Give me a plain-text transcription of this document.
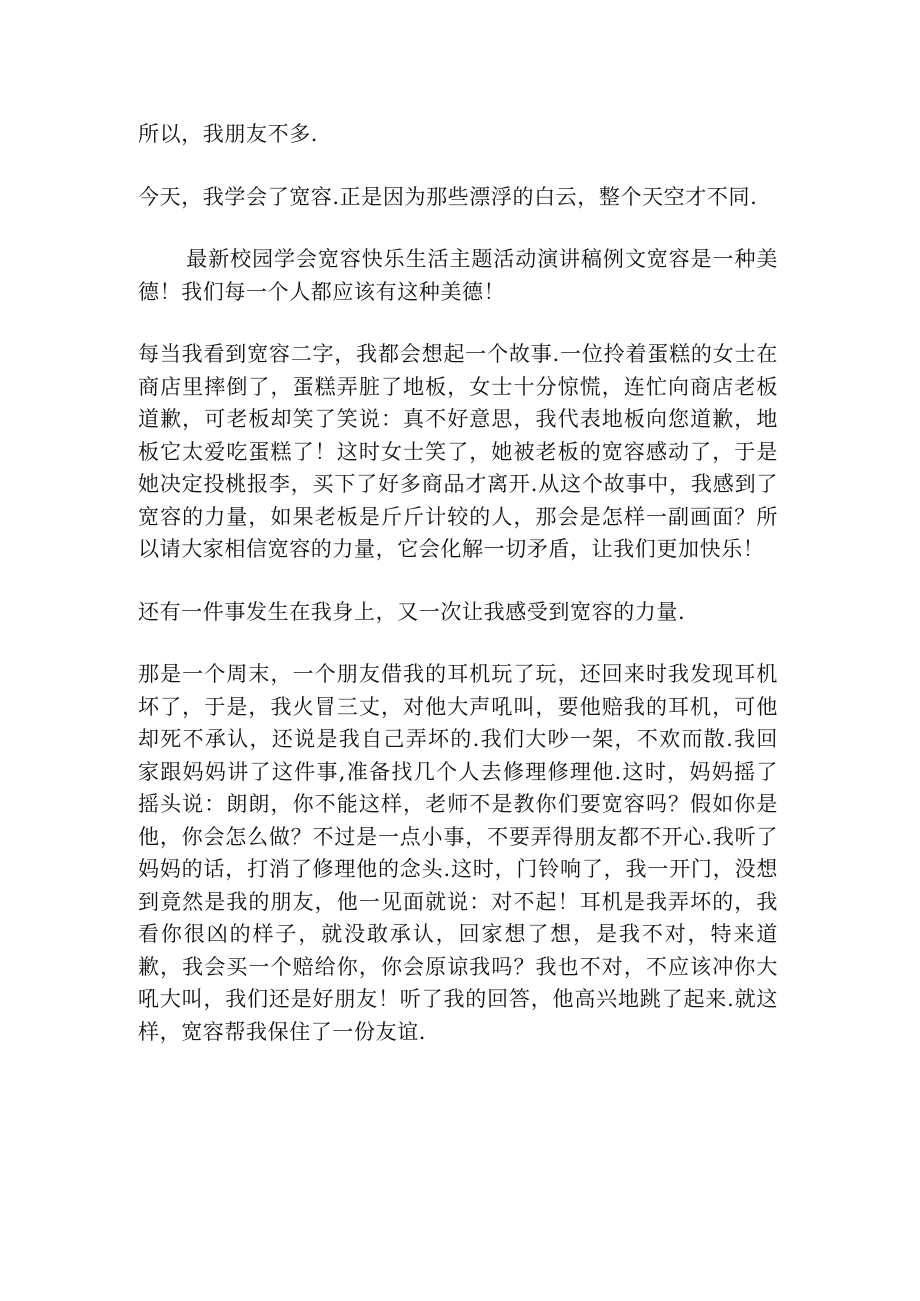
所以，我朋友不多.

今天，我学会了宽容.正是因为那些漂浮的白云，整个天空才不同.

最新校园学会宽容快乐生活主题活动演讲稿例文宽容是一种美德！我们每一个人都应该有这种美德！

每当我看到宽容二字，我都会想起一个故事.一位拎着蛋糕的女士在商店里摔倒了，蛋糕弄脏了地板，女士十分惊慌，连忙向商店老板道歉，可老板却笑了笑说：真不好意思，我代表地板向您道歉，地板它太爱吃蛋糕了！这时女士笑了，她被老板的宽容感动了，于是她决定投桃报李，买下了好多商品才离开.从这个故事中，我感到了宽容的力量，如果老板是斤斤计较的人，那会是怎样一副画面？所以请大家相信宽容的力量，它会化解一切矛盾，让我们更加快乐！

还有一件事发生在我身上，又一次让我感受到宽容的力量.

那是一个周末，一个朋友借我的耳机玩了玩，还回来时我发现耳机坏了，于是，我火冒三丈，对他大声吼叫，要他赔我的耳机，可他却死不承认，还说是我自己弄坏的.我们大吵一架，不欢而散.我回家跟妈妈讲了这件事,准备找几个人去修理修理他.这时，妈妈摇了摇头说：朗朗，你不能这样，老师不是教你们要宽容吗？假如你是他，你会怎么做？不过是一点小事，不要弄得朋友都不开心.我听了妈妈的话，打消了修理他的念头.这时，门铃响了，我一开门，没想到竟然是我的朋友，他一见面就说：对不起！耳机是我弄坏的，我看你很凶的样子，就没敢承认，回家想了想，是我不对，特来道歉，我会买一个赔给你，你会原谅我吗？我也不对，不应该冲你大吼大叫，我们还是好朋友！听了我的回答，他高兴地跳了起来.就这样，宽容帮我保住了一份友谊.
